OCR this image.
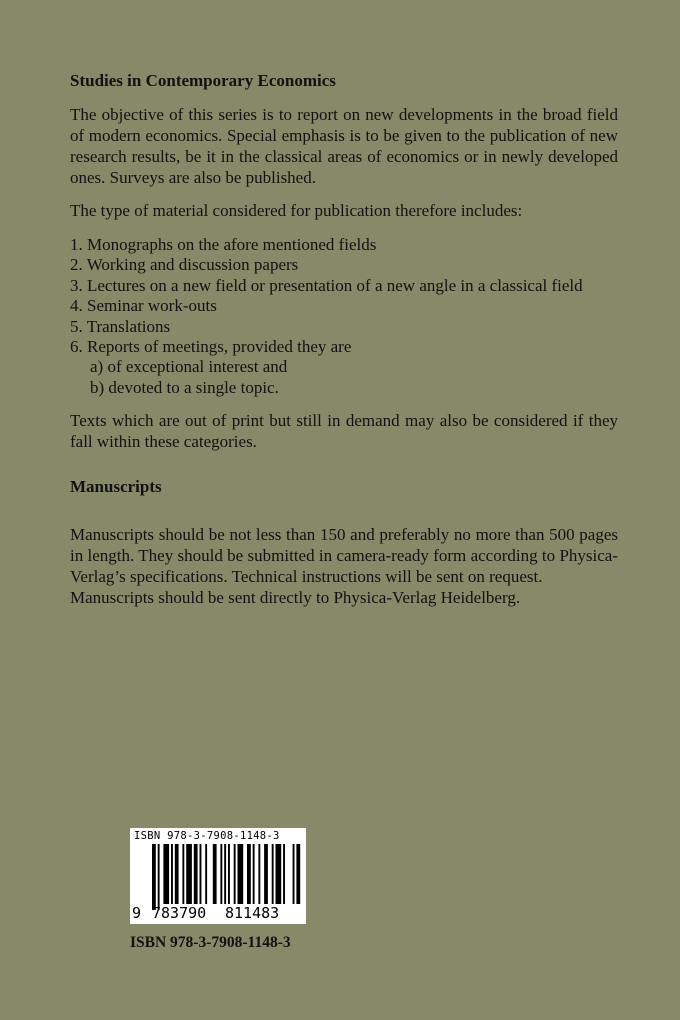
Studies in Contemporary Economics

The objective of this series is to report on new developments in the broad field of modern economics. Special emphasis is to be given to the publication of new research results, be it in the classical areas of economics or in newly developed ones. Surveys are also be published.

The type of material considered for publication therefore includes:

1. Monographs on the afore mentioned fields
2. Working and discussion papers
3. Lectures on a new field or presentation of a new angle in a classical field
4. Seminar work-outs
5. Translations
6. Reports of meetings, provided they are
a) of exceptional interest and
b) devoted to a single topic.

Texts which are out of print but still in demand may also be considered if they fall within these categories.

Manuscripts

Manuscripts should be not less than 150 and preferably no more than 500 pages in length. They should be submitted in camera-ready form according to Physica-Verlag’s specifications. Technical instructions will be sent on request.

Manuscripts should be sent directly to Physica-Verlag Heidelberg.

ISBN 978-3-7908-1148-3
9 783790 811483
ISBN 978-3-7908-1148-3
